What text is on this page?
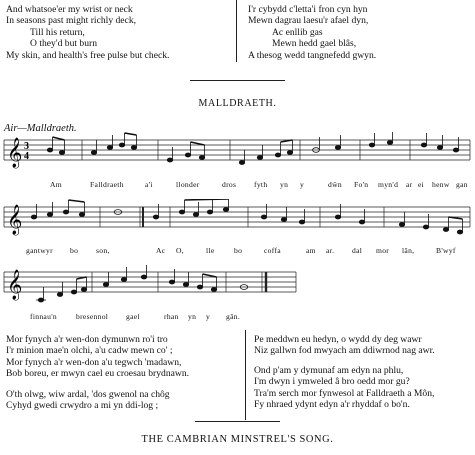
And whatsoe'er my wrist or neck
In seasons past might richly deck,
Till his return,
O they'd but burn
My skin, and health's free pulse but check.
I'r cybydd c'letta'i fron cyn hyn
Mewn dagrau laesu'r afael dyn,
Ac enllib gas
Mewn hedd gael blâs,
A thesog wedd tangnefedd gwyn.
MALLDRAETH.
Air—Malldraeth.
𝄞 3
4
Am	Falldraeth	a'i	llonder	dros fyth yn y	dŵn Fo'n myn'd ar ei henw gan
𝄞
gantwyr bo son,	Ac O,	lle	bo	coffa	am ar. dal mor lân,	B'wyf
𝄞
finnau'n	bresennol gael	rhan yn y gân.
Mor fynych a'r wen-don dymunwn ro'i tro
I'r minion mae'n olchi, a'u cadw mewn co' ;
Mor fynych a'r wen-don a'u tegwch 'madawn,
Bob boreu, er mwyn cael eu croesau brydnawn.
O'th olwg, wiw ardal, 'dos gwenol na chôg
Cyhyd gwedi crwydro a mi yn ddi-log ;
Pe meddwn eu hedyn, o wydd dy deg wawr
Niz gallwn fod mwyach am ddiwrnod nag awr.
Ond p'am y dymunaf am edyn na phlu,
I'm dwyn i ymweled â bro oedd mor gu?
Tra'm serch mor fynwesol at Falldraeth a Môn,
Fy nhraed ydynt edyn a'r rhyddaf o bo'n.
THE CAMBRIAN MINSTREL'S SONG.
